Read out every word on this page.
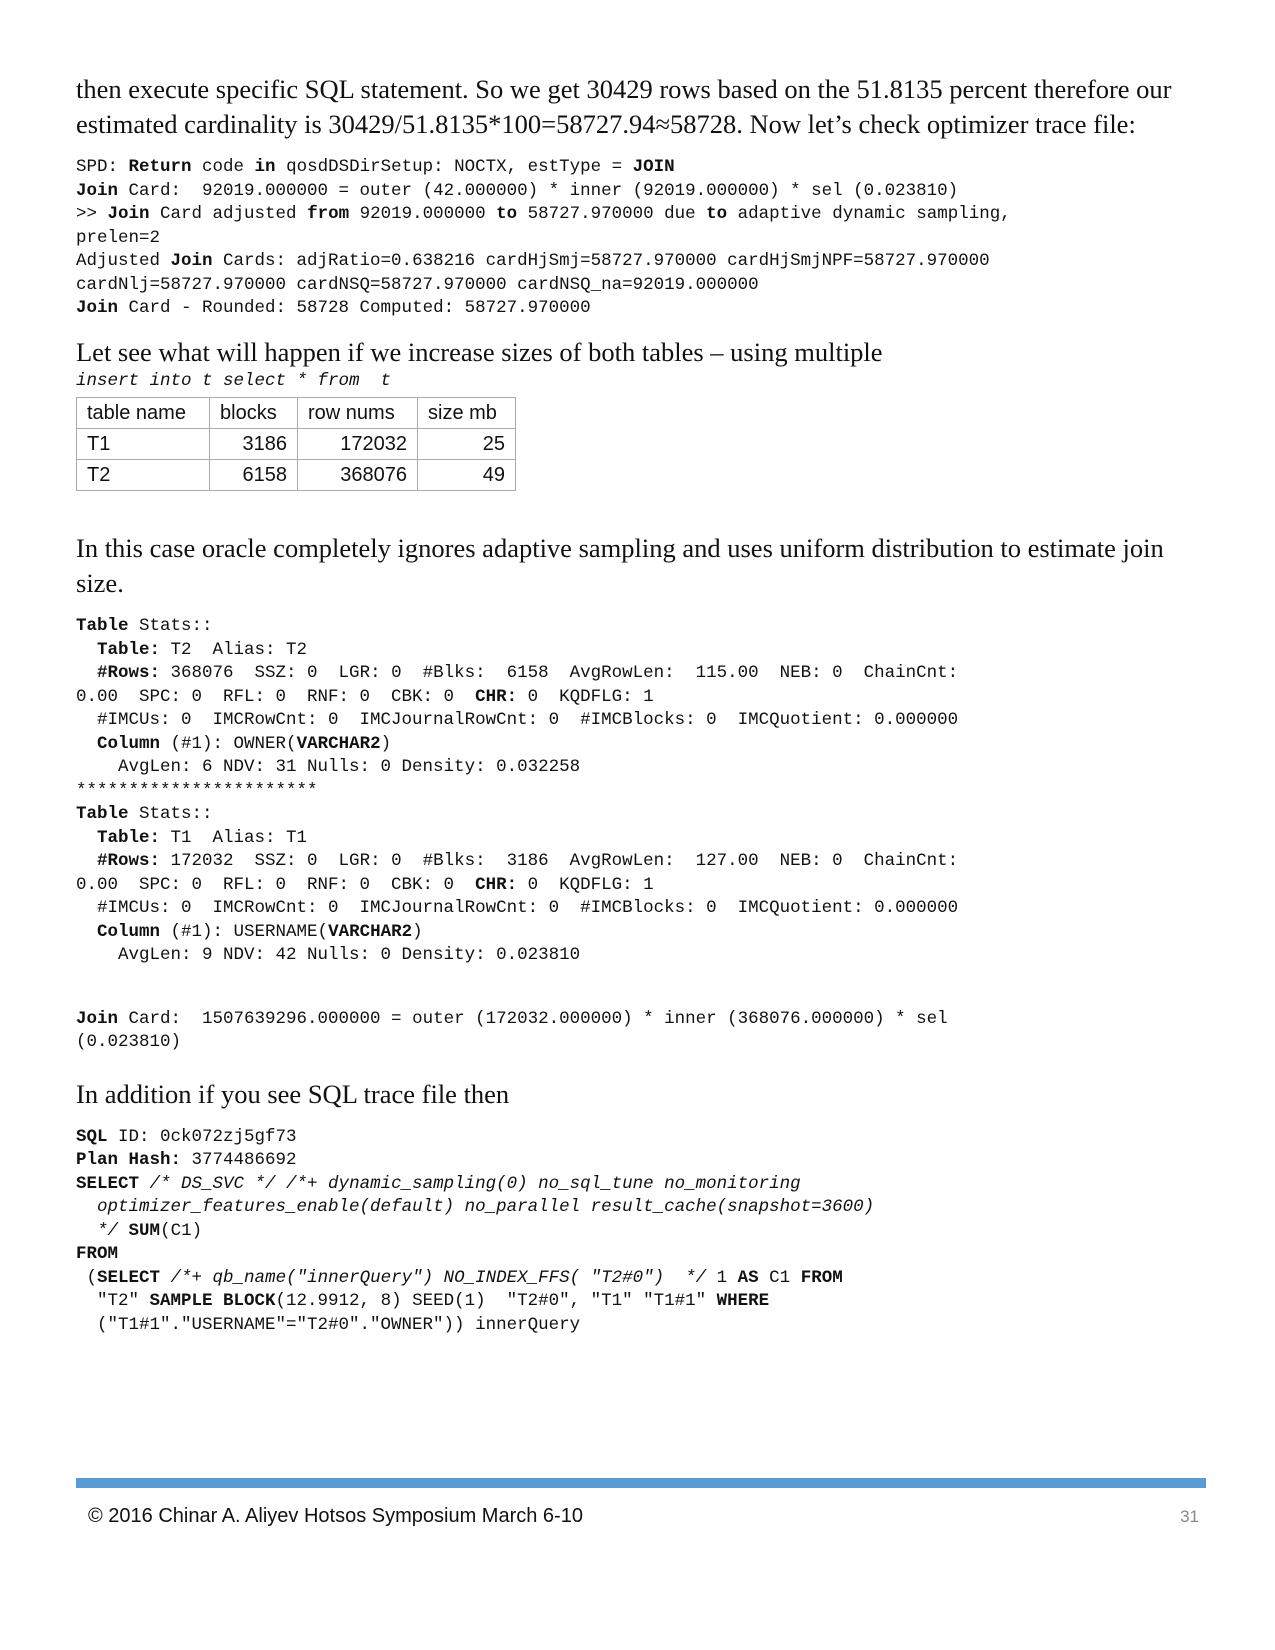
then execute specific SQL statement. So we get 30429 rows based on the 51.8135 percent therefore our estimated cardinality is 30429/51.8135*100=58727.94≈58728. Now let’s check optimizer trace file:

SPD: Return code in qosdDSDirSetup: NOCTX, estType = JOIN
Join Card:  92019.000000 = outer (42.000000) * inner (92019.000000) * sel (0.023810)
>> Join Card adjusted from 92019.000000 to 58727.970000 due to adaptive dynamic sampling,
prelen=2
Adjusted Join Cards: adjRatio=0.638216 cardHjSmj=58727.970000 cardHjSmjNPF=58727.970000
cardNlj=58727.970000 cardNSQ=58727.970000 cardNSQ_na=92019.000000
Join Card - Rounded: 58728 Computed: 58727.970000

Let see what will happen if we increase sizes of both tables – using multiple

insert into t select * from  t
table name	blocks	row nums	size mb
T1	3186	172032	25
T2	6158	368076	49

In this case oracle completely ignores adaptive sampling and uses uniform distribution to estimate join size.

Table Stats::
Table: T2  Alias: T2
#Rows: 368076  SSZ: 0  LGR: 0  #Blks:  6158  AvgRowLen:  115.00  NEB: 0  ChainCnt:
0.00  SPC: 0  RFL: 0  RNF: 0  CBK: 0  CHR: 0  KQDFLG: 1
#IMCUs: 0  IMCRowCnt: 0  IMCJournalRowCnt: 0  #IMCBlocks: 0  IMCQuotient: 0.000000
Column (#1): OWNER(VARCHAR2)
AvgLen: 6 NDV: 31 Nulls: 0 Density: 0.032258
***********************
Table Stats::
Table: T1  Alias: T1
#Rows: 172032  SSZ: 0  LGR: 0  #Blks:  3186  AvgRowLen:  127.00  NEB: 0  ChainCnt:
0.00  SPC: 0  RFL: 0  RNF: 0  CBK: 0  CHR: 0  KQDFLG: 1
#IMCUs: 0  IMCRowCnt: 0  IMCJournalRowCnt: 0  #IMCBlocks: 0  IMCQuotient: 0.000000
Column (#1): USERNAME(VARCHAR2)
AvgLen: 9 NDV: 42 Nulls: 0 Density: 0.023810
Join Card:  1507639296.000000 = outer (172032.000000) * inner (368076.000000) * sel
(0.023810)

In addition if you see SQL trace file then

SQL ID: 0ck072zj5gf73
Plan Hash: 3774486692
SELECT /* DS_SVC */ /*+ dynamic_sampling(0) no_sql_tune no_monitoring
optimizer_features_enable(default) no_parallel result_cache(snapshot=3600)
*/ SUM(C1)
FROM
(SELECT /*+ qb_name("innerQuery") NO_INDEX_FFS( "T2#0")  */ 1 AS C1 FROM
"T2" SAMPLE BLOCK(12.9912, 8) SEED(1)  "T2#0", "T1" "T1#1" WHERE
("T1#1"."USERNAME"="T2#0"."OWNER")) innerQuery
© 2016 Chinar A. Aliyev Hotsos Symposium March 6-10	31
